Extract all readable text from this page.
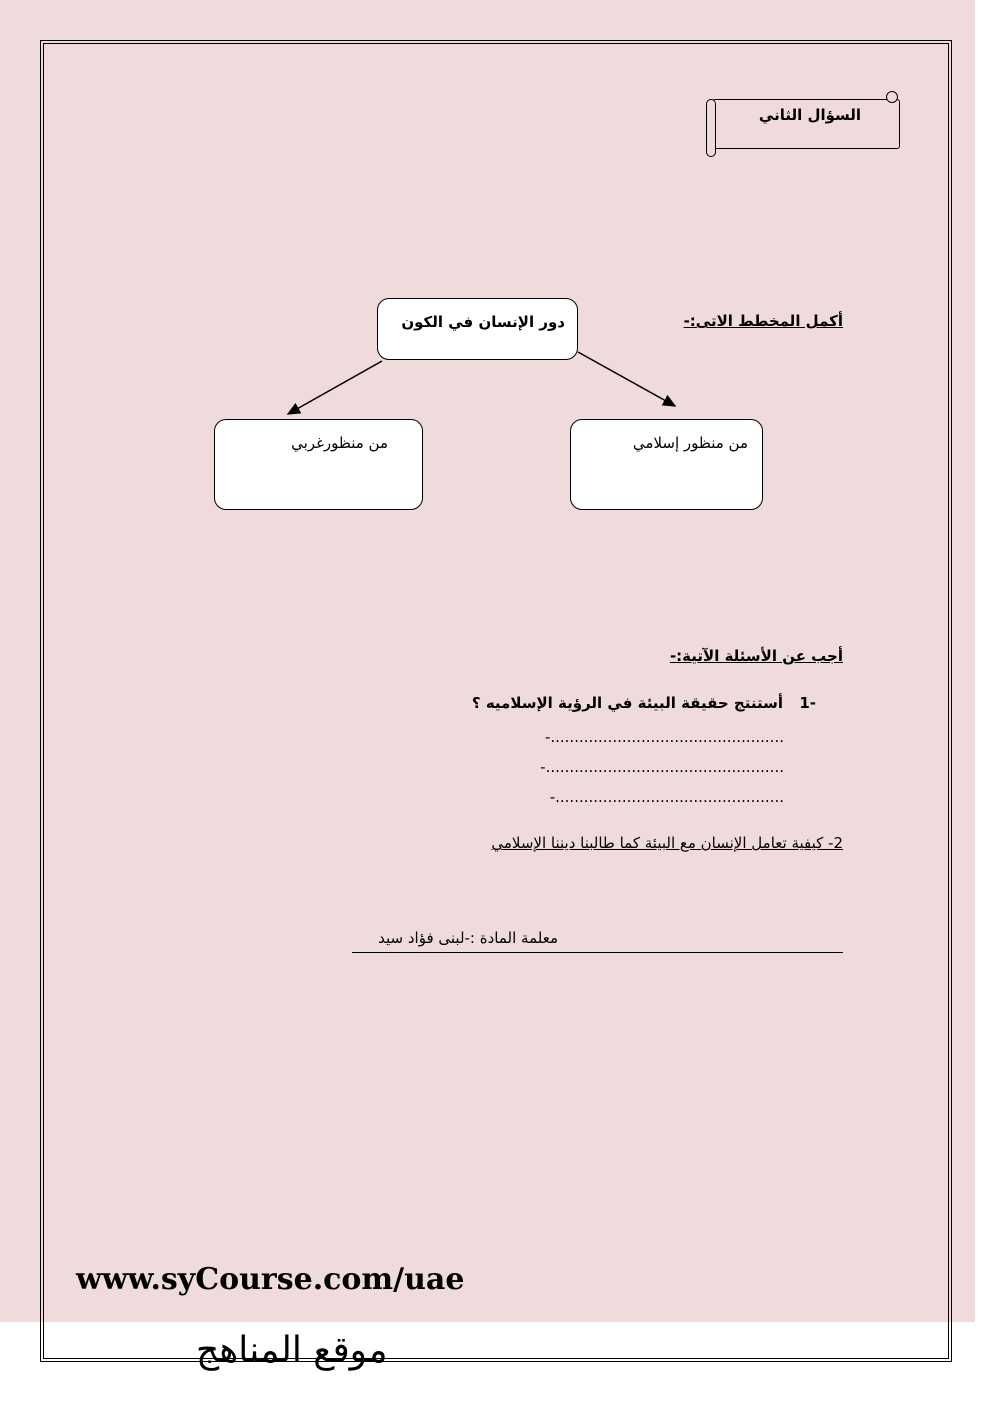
السؤال الثاني
أكمل المخطط الاتى:-
دور الإنسان في الكون
من منظورغربي	من منظور إسلامي
أجب عن الأسئلة الآتية:-
أستنتج حقيقة البيئة في الرؤية الإسلاميه ؟	1-
-.................................................
-..................................................
-................................................
2- كيفية تعامل الإنسان مع البيئة كما طالبنا ديننا الإسلامي
معلمة المادة :-لبنى فؤاد سيد
www.syCourse.com/uae
موقع المناهج
